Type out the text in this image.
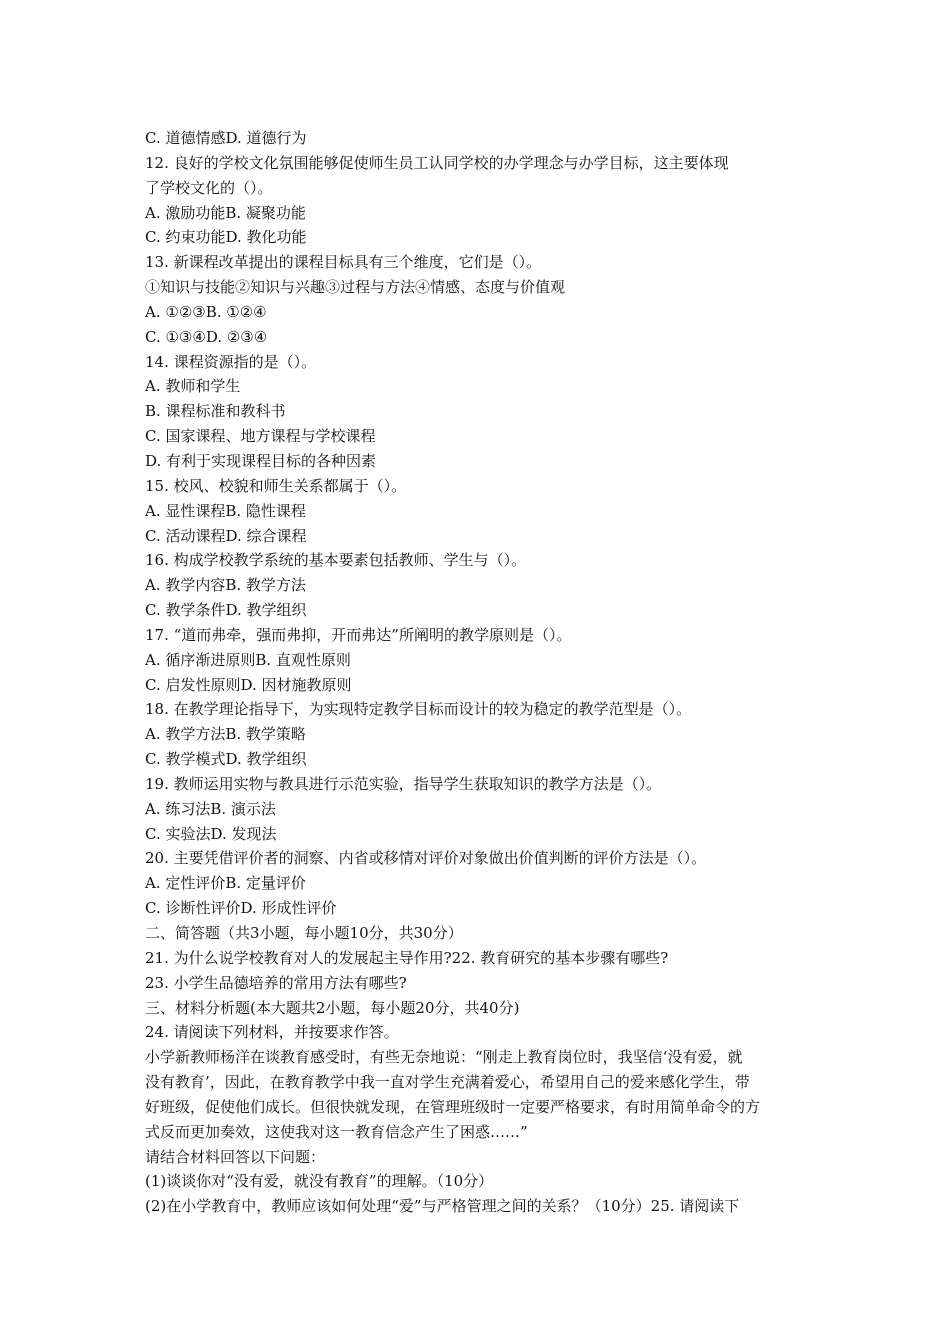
C. 道德情感D. 道德行为
12. 良好的学校文化氛围能够促使师生员工认同学校的办学理念与办学目标，这主要体现
了学校文化的（）。
A. 激励功能B. 凝聚功能
C. 约束功能D. 教化功能
13. 新课程改革提出的课程目标具有三个维度，它们是（）。
①知识与技能②知识与兴趣③过程与方法④情感、态度与价值观
A. ①②③B. ①②④
C. ①③④D. ②③④
14. 课程资源指的是（）。
A. 教师和学生
B. 课程标准和教科书
C. 国家课程、地方课程与学校课程
D. 有利于实现课程目标的各种因素
15. 校风、校貌和师生关系都属于（）。
A. 显性课程B. 隐性课程
C. 活动课程D. 综合课程
16. 构成学校教学系统的基本要素包括教师、学生与（）。
A. 教学内容B. 教学方法
C. 教学条件D. 教学组织
17. “道而弗牵，强而弗抑，开而弗达”所阐明的教学原则是（）。
A. 循序渐进原则B. 直观性原则
C. 启发性原则D. 因材施教原则
18. 在教学理论指导下，为实现特定教学目标而设计的较为稳定的教学范型是（）。
A. 教学方法B. 教学策略
C. 教学模式D. 教学组织
19. 教师运用实物与教具进行示范实验，指导学生获取知识的教学方法是（）。
A. 练习法B. 演示法
C. 实验法D. 发现法
20. 主要凭借评价者的洞察、内省或移情对评价对象做出价值判断的评价方法是（）。
A. 定性评价B. 定量评价
C. 诊断性评价D. 形成性评价
二、简答题（共3小题，每小题10分，共30分）
21. 为什么说学校教育对人的发展起主导作用?22. 教育研究的基本步骤有哪些?
23. 小学生品德培养的常用方法有哪些?
三、材料分析题(本大题共2小题，每小题20分，共40分)
24. 请阅读下列材料，并按要求作答。
小学新教师杨洋在谈教育感受时，有些无奈地说：“刚走上教育岗位时，我坚信‘没有爱，就
没有教育’，因此，在教育教学中我一直对学生充满着爱心，希望用自己的爱来感化学生，带
好班级，促使他们成长。但很快就发现，在管理班级时一定要严格要求，有时用简单命令的方
式反而更加奏效，这使我对这一教育信念产生了困惑……”
请结合材料回答以下问题：
(1)谈谈你对“没有爱，就没有教育”的理解。（10分）
(2)在小学教育中，教师应该如何处理“爱”与严格管理之间的关系？（10分）25. 请阅读下
